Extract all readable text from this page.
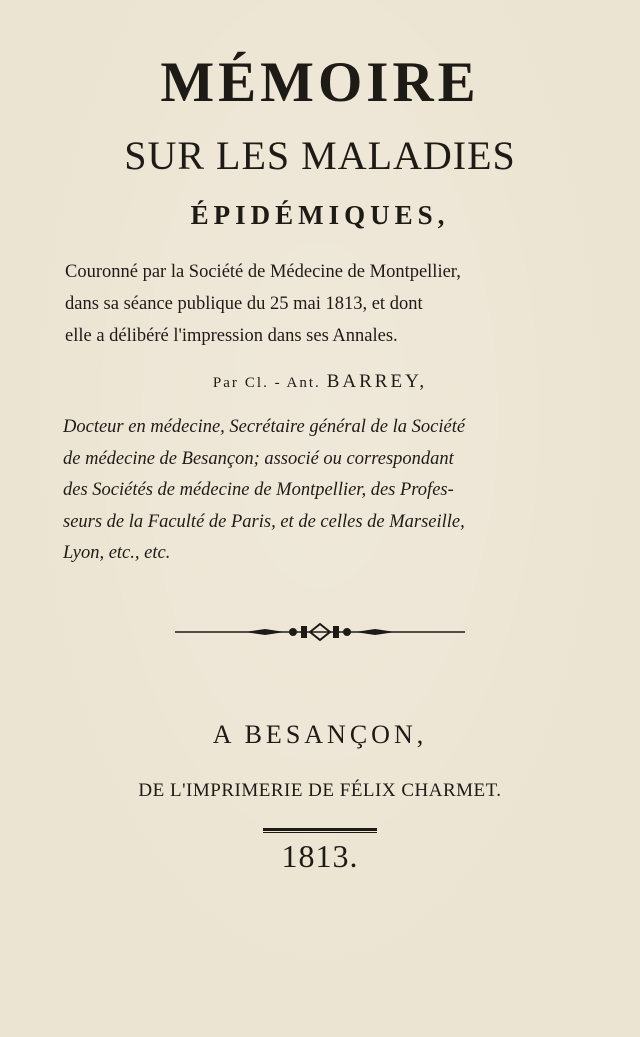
MÉMOIRE
SUR LES MALADIES
ÉPIDÉMIQUES,
Couronné par la Société de Médecine de Montpellier,
dans sa séance publique du 25 mai 1813, et dont
elle a délibéré l'impression dans ses Annales.
Par Cl. - Ant. BARREY,
Docteur en médecine, Secrétaire général de la Société
de médecine de Besançon; associé ou correspondant
des Sociétés de médecine de Montpellier, des Profes-
seurs de la Faculté de Paris, et de celles de Marseille,
Lyon, etc., etc.
A BESANÇON,
DE L'IMPRIMERIE DE FÉLIX CHARMET.
1813.
